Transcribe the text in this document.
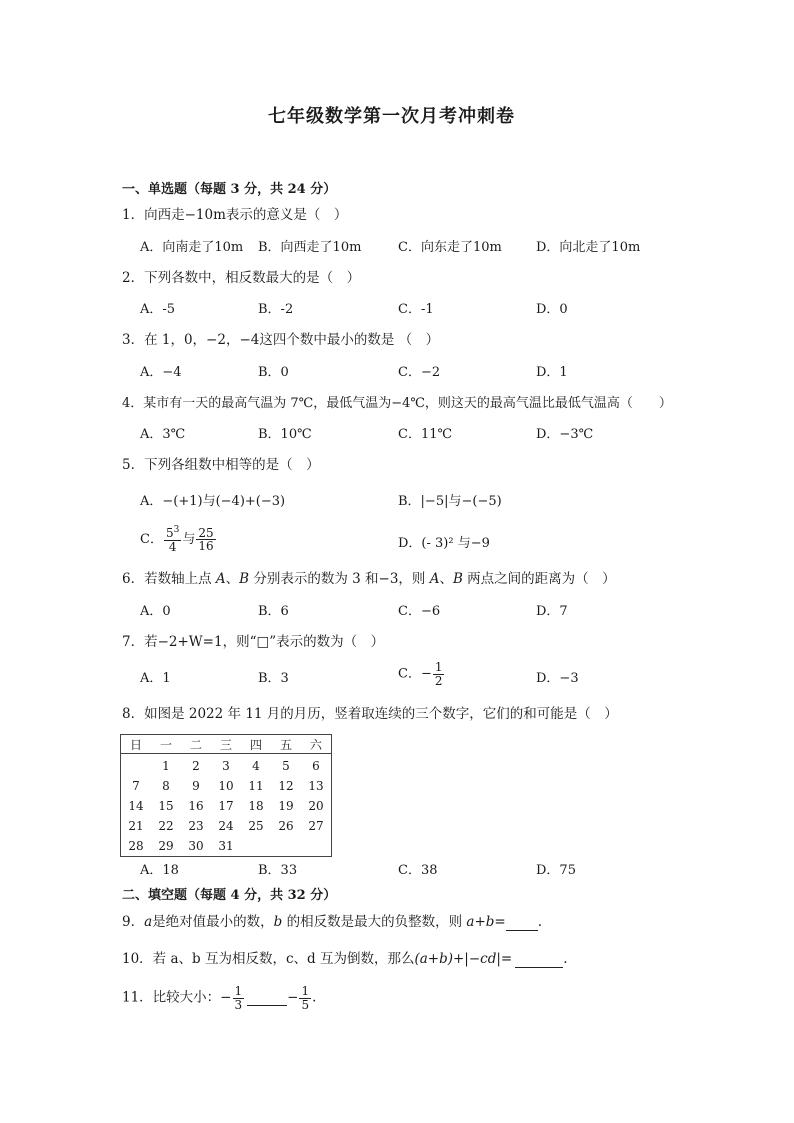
七年级数学第一次月考冲刺卷
一、单选题（每题 3 分，共 24 分）
1．向西走−10m表示的意义是（　）
A．向南走了10m B．向西走了10m	C．向东走了10m	D．向北走了10m
2．下列各数中，相反数最大的是（　）
A．-5	B．-2	C．-1	D．0
3．在 1，0，−2，−4这四个数中最小的数是 （　）
A．−4	B．0	C．−2	D．1
4．某市有一天的最高气温为 7℃，最低气温为−4℃，则这天的最高气温比最低气温高（　　）
A．3℃	B．10℃	C．11℃	D．−3℃
5．下列各组数中相等的是（　）
A．−(+1)与(−4)+(−3)	B．|−5|与−(−5)
C． $\frac{5^3}{4}$ 与 $\frac{25}{16}$	D．(- 3)² 与−9
6．若数轴上点 A、B 分别表示的数为 3 和−3，则 A、B 两点之间的距离为（　）
A．0	B．6	C．−6	D．7
7．若−2+W=1，则“□”表示的数为（　）
A．1	B．3	C．− $\frac{1}{2}$	D．−3
8．如图是 2022 年 11 月的月历，竖着取连续的三个数字，它们的和可能是（　）
日	一	二	三	四	五	六
	1	2	3	4	5	6
7	8	9	10	11	12	13
14	15	16	17	18	19	20
21	22	23	24	25	26	27
28	29	30	31			
A．18	B．33	C．38	D．75
二、填空题（每题 4 分，共 32 分）
9．a是绝对值最小的数，b 的相反数是最大的负整数，则 a+b= .
10．若 a、b 互为相反数，c、d 互为倒数，那么(a+b)+|−cd|=	.
11．比较大小：− $\frac{1}{3}$	− $\frac{1}{5}$ .
